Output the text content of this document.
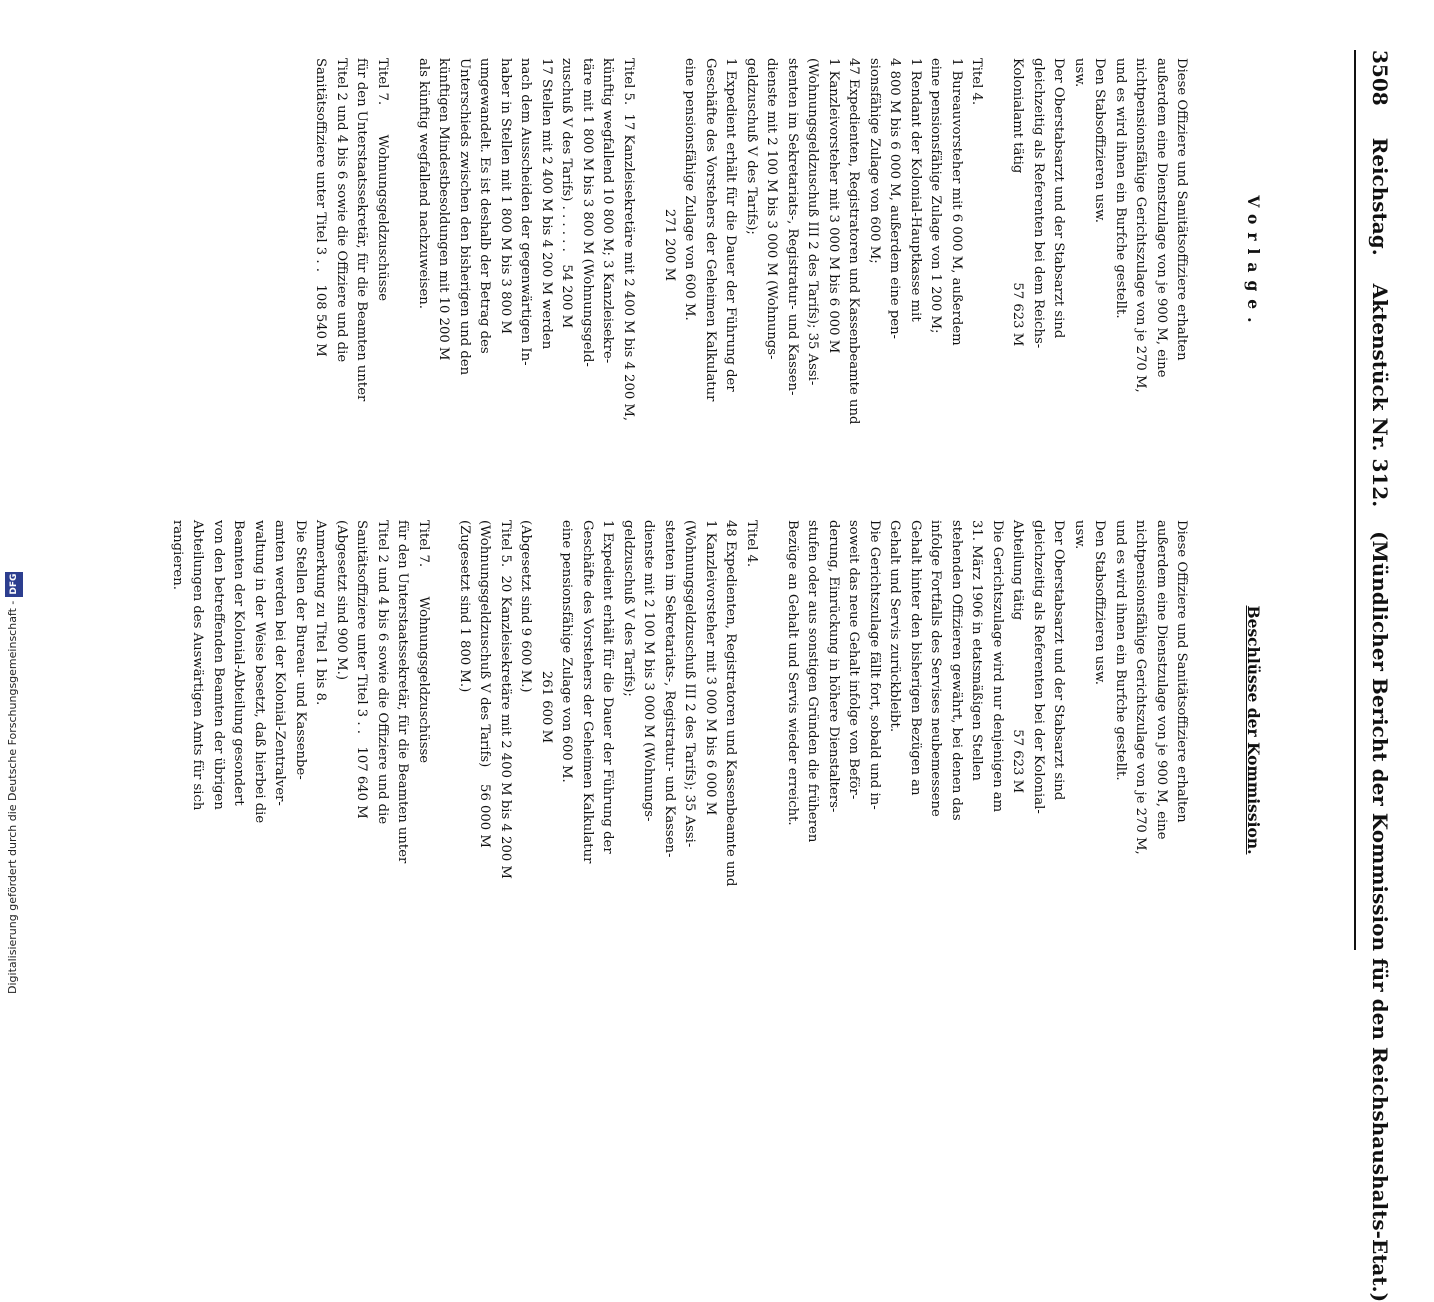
3508  Reichstag.  Aktenstück Nr. 312.  (Mündlicher Bericht der Kommission für den Reichshaushalts-Etat.)

Vorlage.

Diese Offiziere und Sanitätsoffiziere erhalten
außerdem eine Dienstzulage von je 900 M, eine
nichtpensionsfähige Gerichtszulage von je 270 M,
und es wird ihnen ein Burfche gestellt.
Den Stabsoffizieren usw.
usw.
Der Oberstabsarzt und der Stabsarzt sind
gleichzeitig als Referenten bei dem Reichs-
Kolonialamt tätig                          57 623 M
Titel 4.
1 Bureauvorsteher mit 6 000 M, außerdem
eine pensionsfähige Zulage von 1 200 M;
1 Rendant der Kolonial-Hauptkasse mit
4 800 M bis 6 000 M, außerdem eine pen-
sionsfähige Zulage von 600 M;
47 Expedienten, Registratoren und Kassenbeamte und
1 Kanzleivorsteher mit 3 000 M bis 6 000 M
(Wohnungsgeldzuschuß III 2 des Tarifs); 35 Assi-
stenten im Sekretariats-, Registratur- und Kassen-
dienste mit 2 100 M bis 3 000 M (Wohnungs-
geldzuschuß V des Tarifs);
1 Expedient erhält für die Dauer der Führung der
Geschäfte des Vorstehers der Geheimen Kalkulatur
eine pensionsfähige Zulage von 600 M.
271 200 M
Titel 5.  17 Kanzleisekretäre mit 2 400 M bis 4 200 M,
künftig wegfallend 10 800 M; 3 Kanzleisekre-
täre mit 1 800 M bis 3 800 M (Wohnungsgeld-
zuschuß V des Tarifs) . . . . . .   54 200 M
17 Stellen mit 2 400 M bis 4 200 M werden
nach dem Ausscheiden der gegenwärtigen In-
haber in Stellen mit 1 800 M bis 3 800 M
umgewandelt. Es ist deshalb der Betrag des
Unterschieds zwischen den bisherigen und den
künftigen Mindestbesoldungen mit 10 200 M
als künftig wegfallend nachzuweisen.
Titel 7.       Wohnungsgeldzuschüsse
für den Unterstaatssekretär, für die Beamten unter
Titel 2 und 4 bis 6 sowie die Offiziere und die
Sanitätsoffiziere unter Titel 3 . .   108 540 M

Beschlüsse der Kommission.

Diese Offiziere und Sanitätsoffiziere erhalten
außerdem eine Dienstzulage von je 900 M, eine
nichtpensionsfähige Gerichtszulage von je 270 M,
und es wird ihnen ein Burfche gestellt.
Den Stabsoffizieren usw.
usw.
Der Oberstabsarzt und der Stabsarzt sind
gleichzeitig als Referenten bei der Kolonial-
Abteilung tätig                          57 623 M
Die Gerichtszulage wird nur denjenigen am
31. März 1906 in etatsmäßigen Stellen
stehenden Offizieren gewährt, bei denen das
infolge Fortfalls des Servises neubemessene
Gehalt hinter den bisherigen Bezügen an
Gehalt und Servis zurückbleibt.
Die Gerichtszulage fällt fort, sobald und in-
soweit das neue Gehalt infolge von Beför-
derung, Einrückung in höhere Dienstalters-
stufen oder aus sonstigen Gründen die früheren
Bezüge an Gehalt und Servis wieder erreicht.
Titel 4.
48 Expedienten, Registratoren und Kassenbeamte und
1 Kanzleivorsteher mit 3 000 M bis 6 000 M
(Wohnungsgeldzuschuß III 2 des Tarifs); 35 Assi-
stenten im Sekretariats-, Registratur- und Kassen-
dienste mit 2 100 M bis 3 000 M (Wohnungs-
geldzuschuß V des Tarifs);
1 Expedient erhält für die Dauer der Führung der
Geschäfte des Vorstehers der Geheimen Kalkulatur
eine pensionsfähige Zulage von 600 M.
261 600 M
(Abgesetzt sind 9 600 M.)
Titel 5.  20 Kanzleisekretäre mit 2 400 M bis 4 200 M
(Wohnungsgeldzuschuß V des Tarifs)    56 000 M
(Zugesetzt sind 1 800 M.)
Titel 7.       Wohnungsgeldzuschüsse
für den Unterstaatssekretär, für die Beamten unter
Titel 2 und 4 bis 6 sowie die Offiziere und die
Sanitätsoffiziere unter Titel 3 . .   107 640 M
(Abgesetzt sind 900 M.)
Anmerkung zu Titel 1 bis 8.
Die Stellen der Bureau- und Kassenbe-
amten werden bei der Kolonial-Zentralver-
waltung in der Weise besetzt, daß hierbei die
Beamten der Kolonial-Abteilung gesondert
von den betreffenden Beamten der übrigen
Abteilungen des Auswärtigen Amts für sich
rangieren.

Digitalisierung gefördert durch die Deutsche Forschungsgemeinschaft -DFG
